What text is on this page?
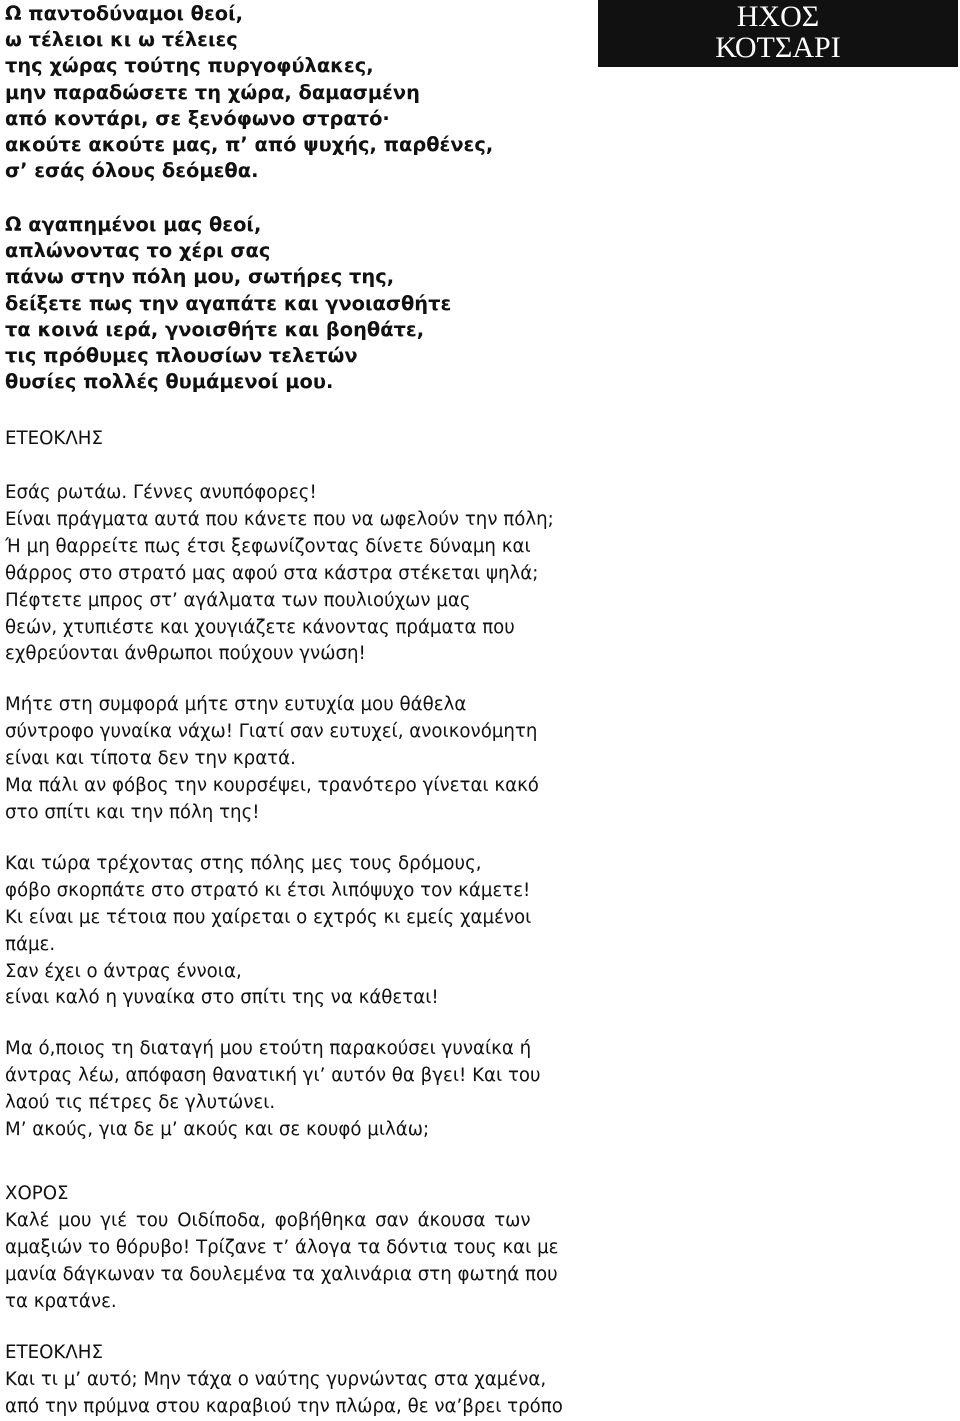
ΗΧΟΣ
ΚΟΤΣΑΡΙ
Ω παντοδύναμοι θεοί,
ω τέλειοι κι ω τέλειες
της χώρας τούτης πυργοφύλακες,
μην παραδώσετε τη χώρα, δαμασμένη
από κοντάρι, σε ξενόφωνο στρατό·
ακούτε ακούτε μας, π’ από ψυχής, παρθένες,
σ’ εσάς όλους δεόμεθα.
Ω αγαπημένοι μας θεοί,
απλώνοντας το χέρι σας
πάνω στην πόλη μου, σωτήρες της,
δείξετε πως την αγαπάτε και γνοιασθήτε
τα κοινά ιερά, γνοισθήτε και βοηθάτε,
τις πρόθυμες πλουσίων τελετών
θυσίες πολλές θυμάμενοί μου.
ΕΤΕΟΚΛΗΣ

Εσάς ρωτάω. Γέννες ανυπόφορες!
Είναι πράγματα αυτά που κάνετε που να ωφελούν την πόλη;
Ή μη θαρρείτε πως έτσι ξεφωνίζοντας δίνετε δύναμη και
θάρρος στο στρατό μας αφού στα κάστρα στέκεται ψηλά;
Πέφτετε μπρος στ’ αγάλματα των πουλιούχων μας
θεών, χτυπιέστε και χουγιάζετε κάνοντας πράματα που
εχθρεύονται άνθρωποι πούχουν γνώση!

Μήτε στη συμφορά μήτε στην ευτυχία μου θάθελα
σύντροφο γυναίκα νάχω! Γιατί σαν ευτυχεί, ανοικονόμητη
είναι και τίποτα δεν την κρατά.
Μα πάλι αν φόβος την κουρσέψει, τρανότερο γίνεται κακό
στο σπίτι και την πόλη της!

Και τώρα τρέχοντας στης πόλης μες τους δρόμους,
φόβο σκορπάτε στο στρατό κι έτσι λιπόψυχο τον κάμετε!
Κι είναι με τέτοια που χαίρεται ο εχτρός κι εμείς χαμένοι
πάμε.
Σαν έχει ο άντρας έννοια,
είναι καλό η γυναίκα στο σπίτι της να κάθεται!

Μα ό,ποιος τη διαταγή μου ετούτη παρακούσει γυναίκα ή
άντρας λέω, απόφαση θανατική γι’ αυτόν θα βγει! Και του
λαού τις πέτρες δε γλυτώνει.
Μ’ ακούς, για δε μ’ ακούς και σε κουφό μιλάω;

ΧΟΡΟΣ
Καλέ μου γιέ του Οιδίποδα, φοβήθηκα σαν άκουσα των
αμαξιών το θόρυβο! Τρίζανε τ’ άλογα τα δόντια τους και με
μανία δάγκωναν τα δουλεμένα τα χαλινάρια στη φωτηά που
τα κρατάνε.
ΕΤΕΟΚΛΗΣ
Και τι μ’ αυτό; Μην τάχα ο ναύτης γυρνώντας στα χαμένα,
από την πρύμνα στου καραβιού την πλώρα, θε να’βρει τρόπο
